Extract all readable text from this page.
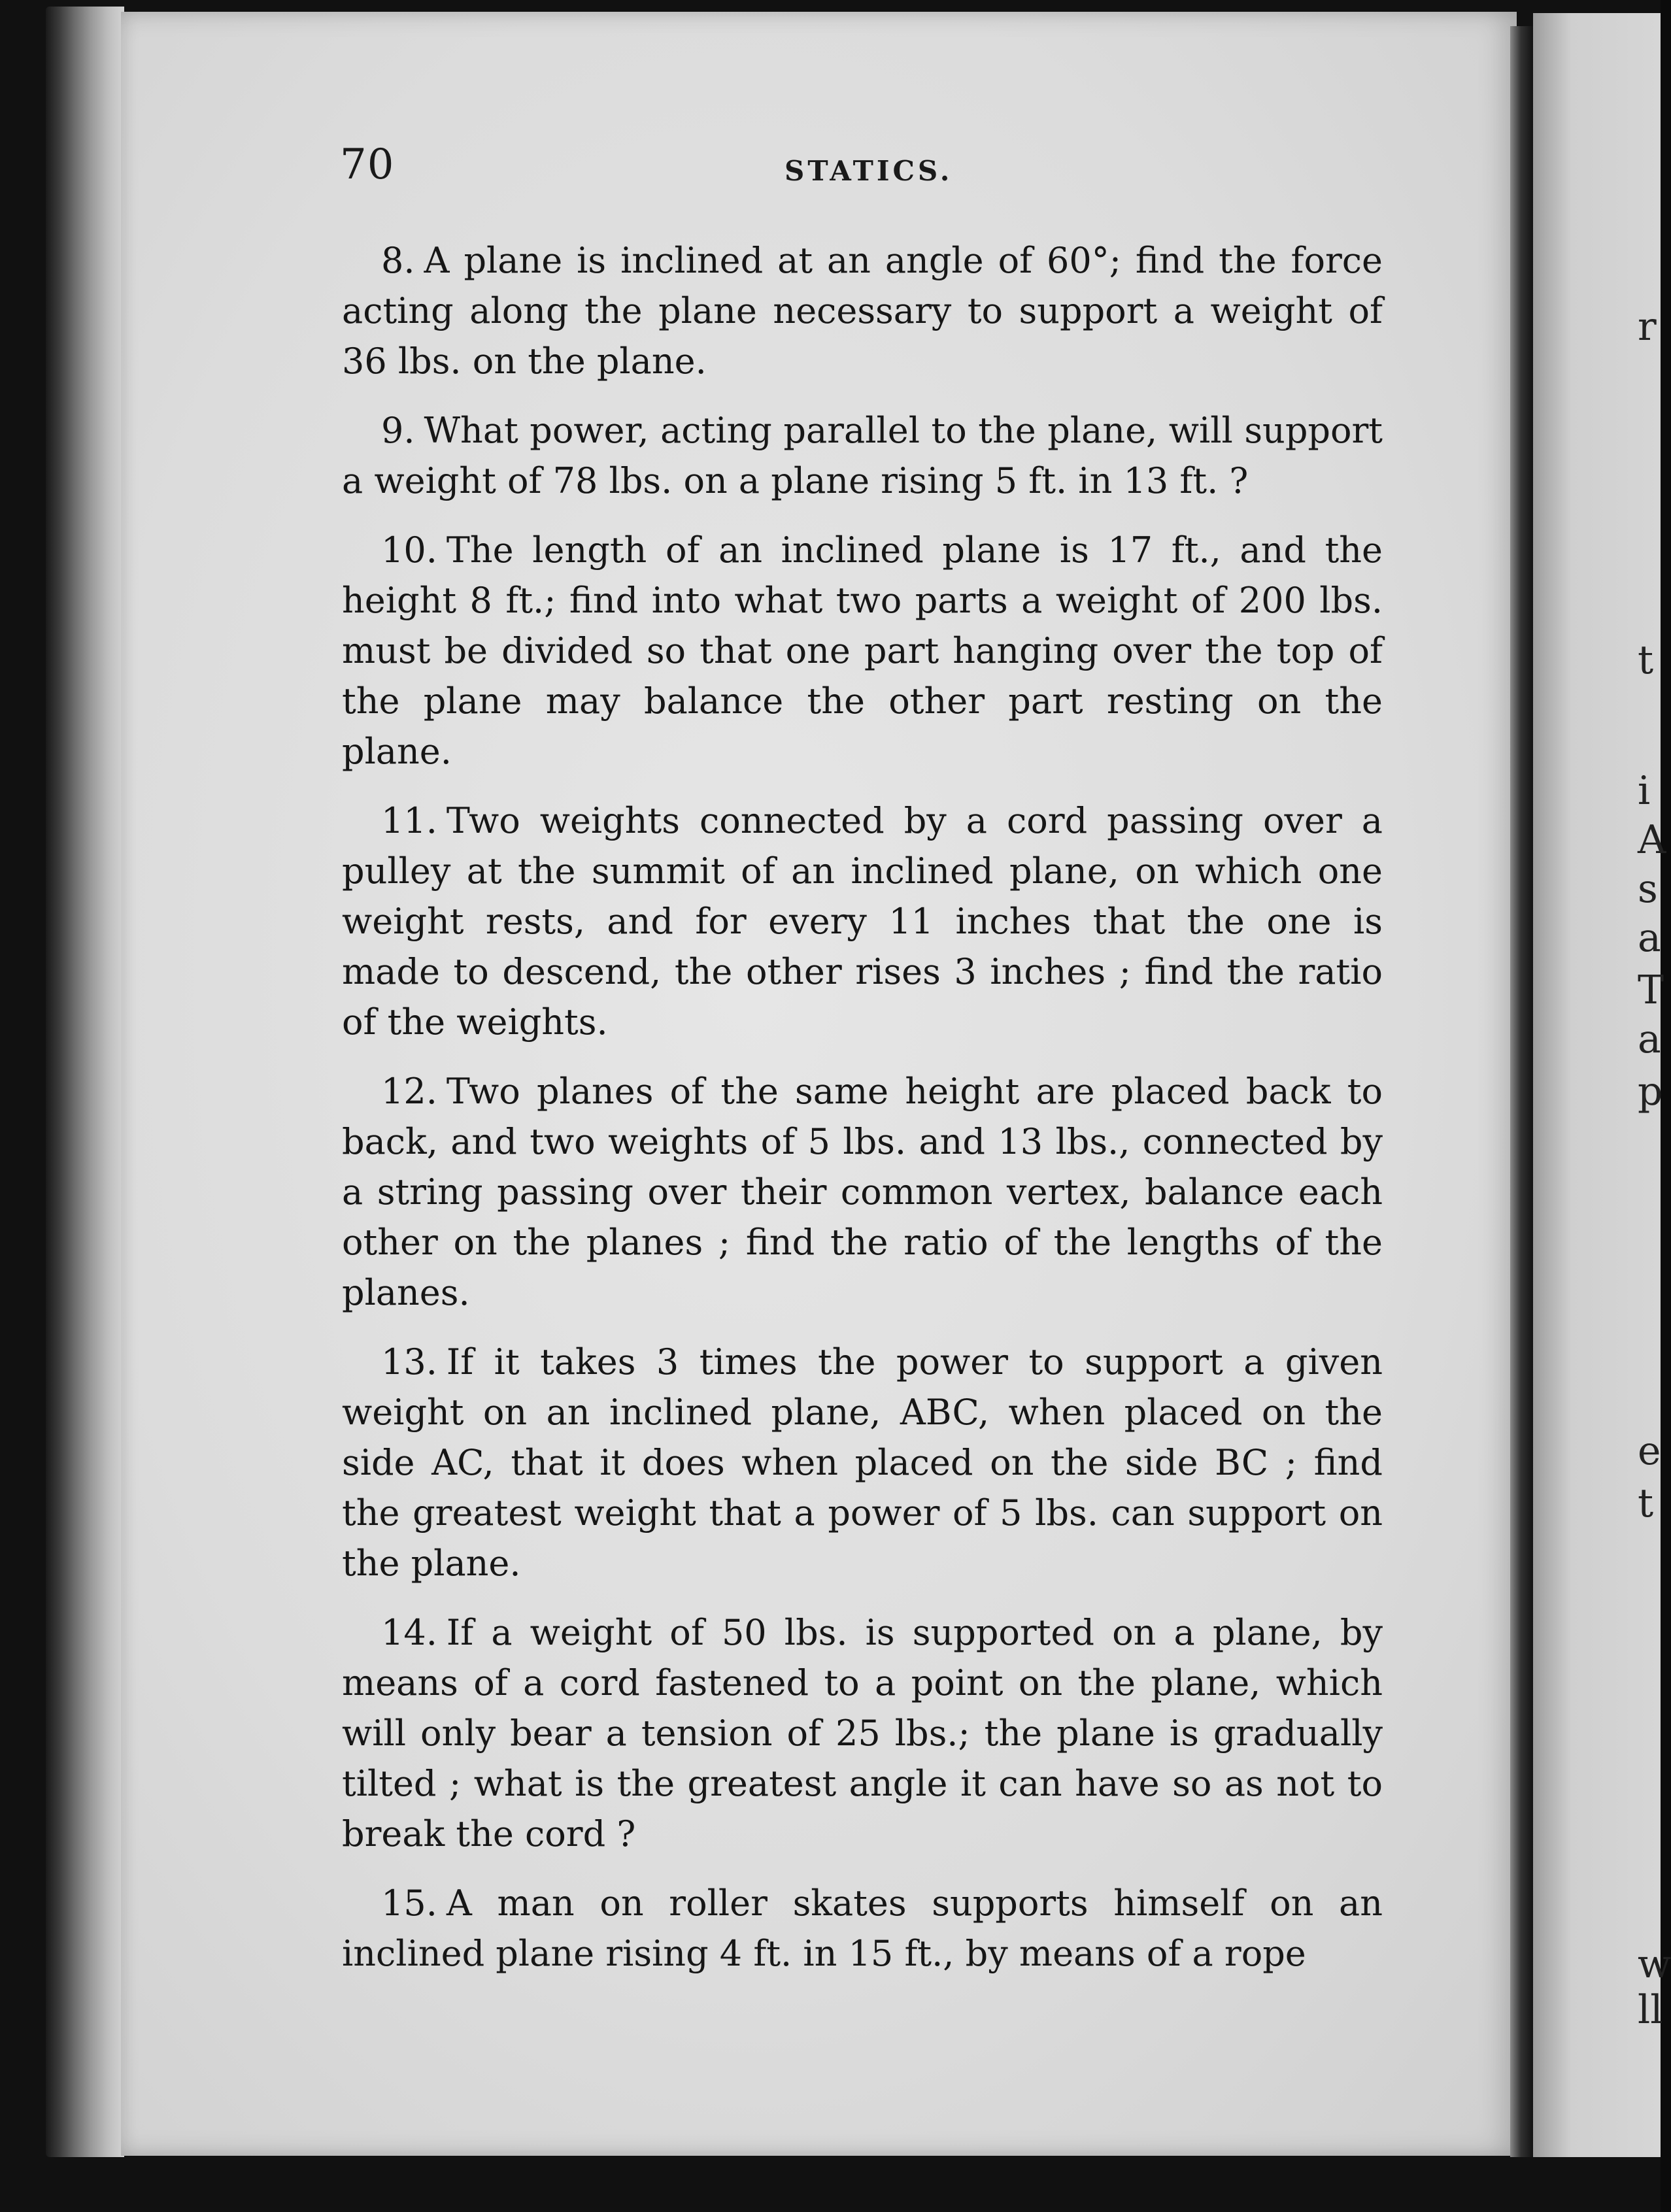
r
t
i
A
s
a
T
a
p
e
t
w
ll
70	STATICS.

8. A plane is inclined at an angle of 60°; find the force acting along the plane necessary to support a weight of 36 lbs. on the plane.

9. What power, acting parallel to the plane, will support a weight of 78 lbs. on a plane rising 5 ft. in 13 ft. ?

10. The length of an inclined plane is 17 ft., and the height 8 ft.; find into what two parts a weight of 200 lbs. must be divided so that one part hanging over the top of the plane may balance the other part resting on the plane.

11. Two weights connected by a cord passing over a pulley at the summit of an inclined plane, on which one weight rests, and for every 11 inches that the one is made to descend, the other rises 3 inches ; find the ratio of the weights.

12. Two planes of the same height are placed back to back, and two weights of 5 lbs. and 13 lbs., connected by a string passing over their common vertex, balance each other on the planes ; find the ratio of the lengths of the planes.

13. If it takes 3 times the power to support a given weight on an inclined plane, ABC, when placed on the side AC, that it does when placed on the side BC ; find the greatest weight that a power of 5 lbs. can support on the plane.

14. If a weight of 50 lbs. is supported on a plane, by means of a cord fastened to a point on the plane, which will only bear a tension of 25 lbs.; the plane is gradually tilted ; what is the greatest angle it can have so as not to break the cord ?

15. A man on roller skates supports himself on an inclined plane rising 4 ft. in 15 ft., by means of a rope
